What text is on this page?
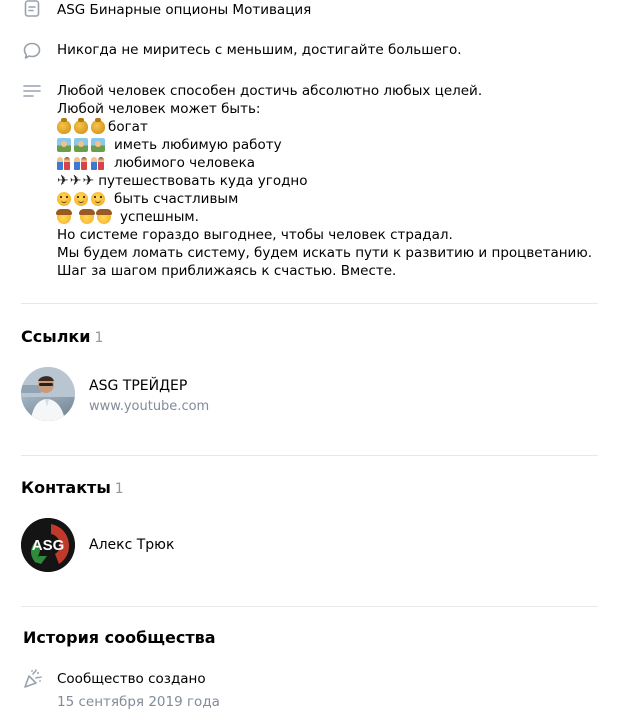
ASG Бинарные опционы Мотивация
Никогда не миритесь с меньшим, достигайте большего.
Любой человек способен достичь абсолютно любых целей.
Любой человек может быть:
богат
иметь любимую работу
любимого человека
✈ ✈ ✈ путешествовать куда угодно
быть счастливым
успешным.
Но системе гораздо выгоднее, чтобы человек страдал.
Мы будем ломать систему, будем искать пути к развитию и процветанию.
Шаг за шагом приближаясь к счастью. Вместе.
Ссылки 1
ASG ТРЕЙДЕР
www.youtube.com
Контакты 1
ASG Алекс Трюк
История сообщества
Сообщество создано
15 сентября 2019 года
